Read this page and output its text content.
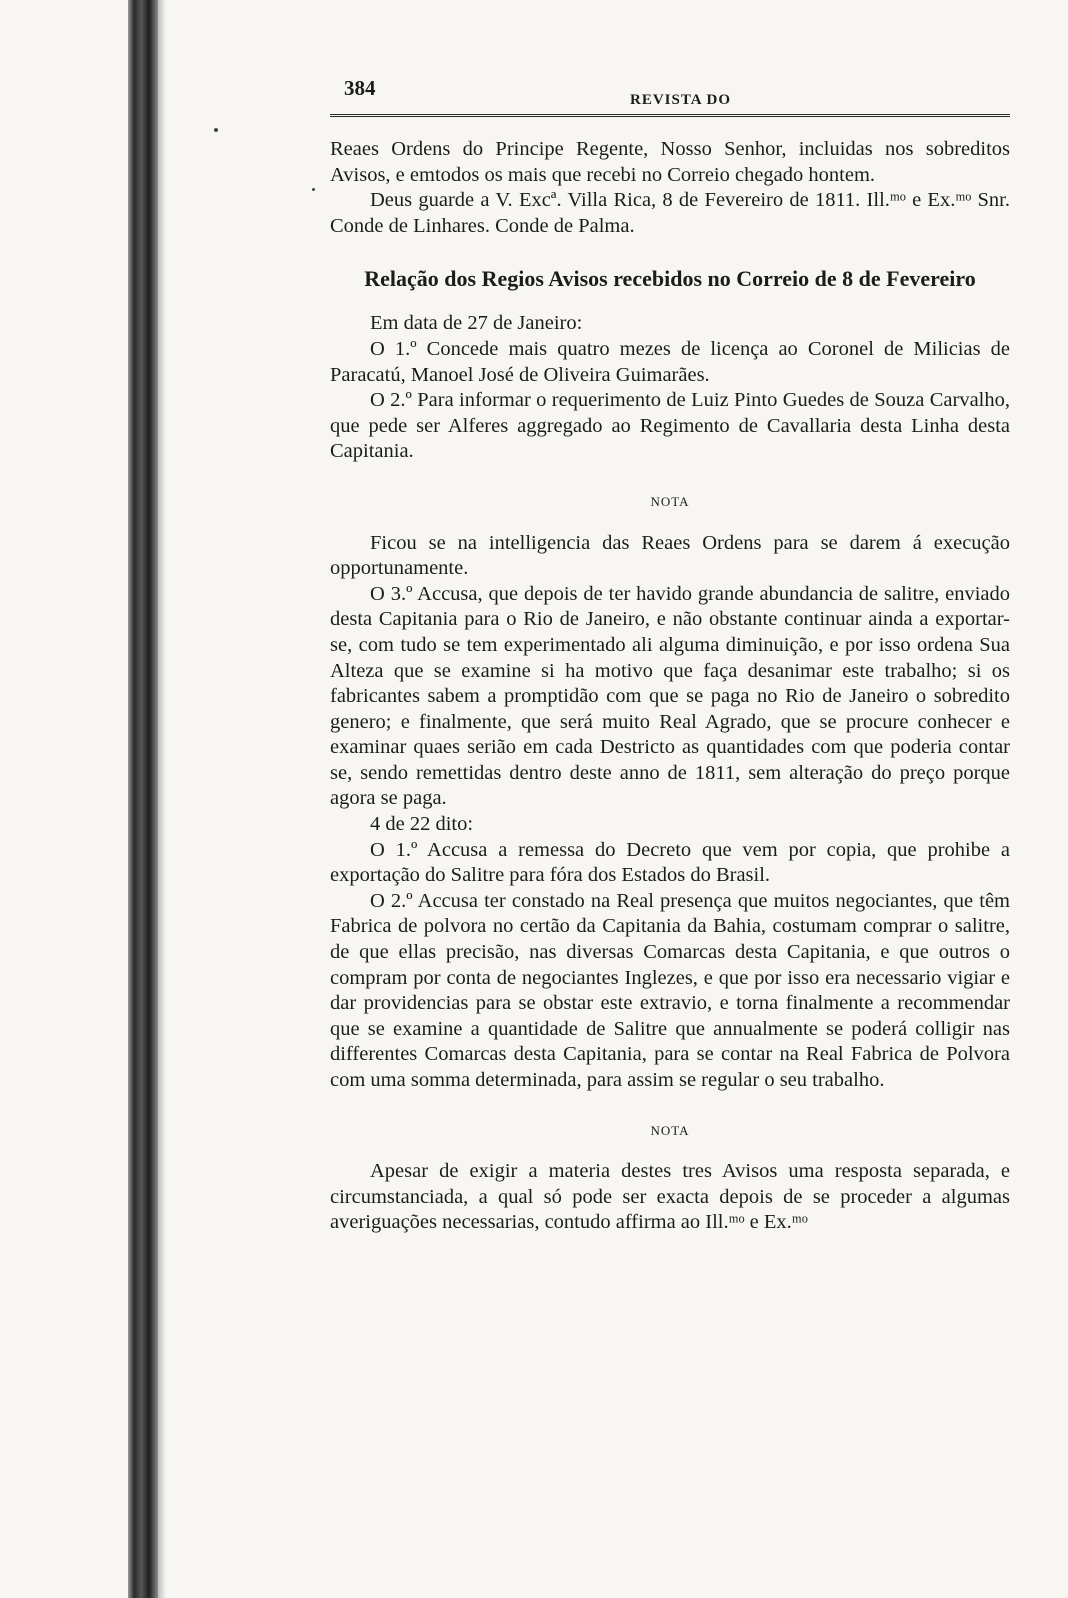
384	REVISTA DO

Reaes Ordens do Principe Regente, Nosso Senhor, incluidas nos sobreditos Avisos, e emtodos os mais que recebi no Correio chegado hontem.

Deus guarde a V. Excª. Villa Rica, 8 de Fevereiro de 1811. Ill.ᵐᵒ e Ex.ᵐᵒ Snr. Conde de Linhares. Conde de Palma.

Relação dos Regios Avisos recebidos no Correio de 8 de Fevereiro

Em data de 27 de Janeiro:

O 1.º Concede mais quatro mezes de licença ao Coronel de Milicias de Paracatú, Manoel José de Oliveira Guimarães.

O 2.º Para informar o requerimento de Luiz Pinto Guedes de Souza Carvalho, que pede ser Alferes aggregado ao Regimento de Cavallaria desta Linha desta Capitania.

NOTA

Ficou se na intelligencia das Reaes Ordens para se darem á execução opportunamente.

O 3.º Accusa, que depois de ter havido grande abundancia de salitre, enviado desta Capitania para o Rio de Janeiro, e não obstante continuar ainda a exportar-se, com tudo se tem experimentado ali alguma diminuição, e por isso ordena Sua Alteza que se examine si ha motivo que faça desanimar este trabalho; si os fabricantes sabem a promptidão com que se paga no Rio de Janeiro o sobredito genero; e finalmente, que será muito Real Agrado, que se procure conhecer e examinar quaes serião em cada Destricto as quantidades com que poderia contar se, sendo remettidas dentro deste anno de 1811, sem alteração do preço porque agora se paga.

4 de 22 dito:

O 1.º Accusa a remessa do Decreto que vem por copia, que prohibe a exportação do Salitre para fóra dos Estados do Brasil.

O 2.º Accusa ter constado na Real presença que muitos negociantes, que têm Fabrica de polvora no certão da Capitania da Bahia, costumam comprar o salitre, de que ellas precisão, nas diversas Comarcas desta Capitania, e que outros o compram por conta de negociantes Inglezes, e que por isso era necessario vigiar e dar providencias para se obstar este extravio, e torna finalmente a recommendar que se examine a quantidade de Salitre que annualmente se poderá colligir nas differentes Comarcas desta Capitania, para se contar na Real Fabrica de Polvora com uma somma determinada, para assim se regular o seu trabalho.

NOTA

Apesar de exigir a materia destes tres Avisos uma resposta separada, e circumstanciada, a qual só pode ser exacta depois de se proceder a algumas averiguações necessarias, contudo affirma ao Ill.ᵐᵒ e Ex.ᵐᵒ
